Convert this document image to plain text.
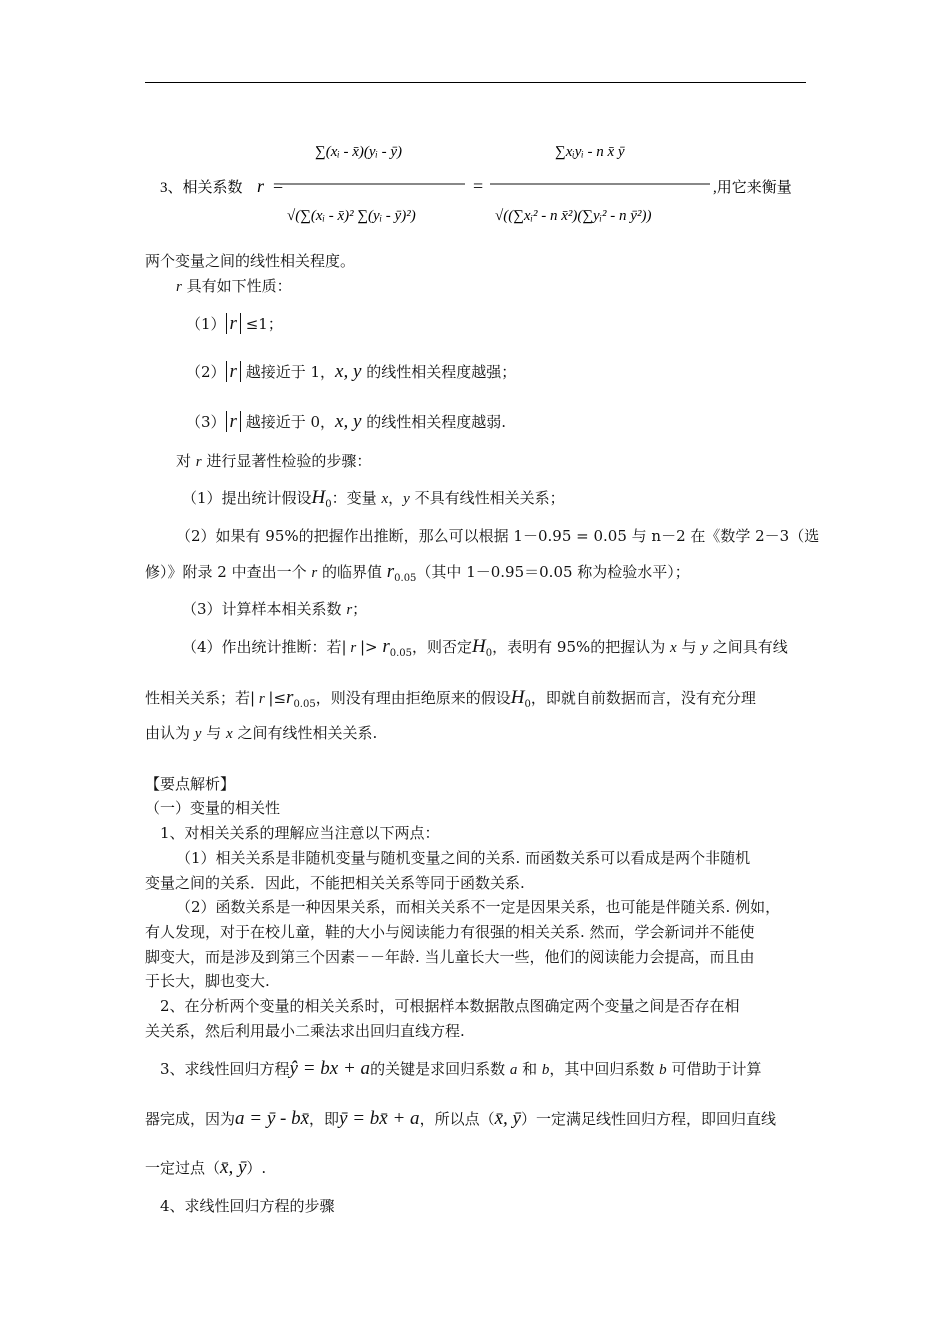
3、相关系数 r =
∑(xᵢ - x̄)(yᵢ - ȳ)
√(∑(xᵢ - x̄)² ∑(yᵢ - ȳ)²)
=
∑xᵢyᵢ - n x̄ ȳ
√((∑xᵢ² - n x̄²)(∑yᵢ² - n ȳ²))
,用它来衡量
两个变量之间的线性相关程度。
r 具有如下性质：
（1） r ≤1；
（2） r 越接近于 1，x, y 的线性相关程度越强；
（3） r 越接近于 0，x, y 的线性相关程度越弱.
对 r 进行显著性检验的步骤：
（1）提出统计假设$H_0$：变量 x，y 不具有线性相关关系；
（2）如果有 95%的把握作出推断，那么可以根据 1－0.95 = 0.05 与 n－2 在《数学 2－3（选
修）》附录 2 中查出一个 r 的临界值 $r_{0.05}$（其中 1－0.95＝0.05 称为检验水平）；
（3）计算样本相关系数 r；
（4）作出统计推断：若| r |> $r_{0.05}$，则否定$H_0$，表明有 95%的把握认为 x 与 y 之间具有线
性相关关系；若| r $|\le r_{0.05}$，则没有理由拒绝原来的假设$H_0$，即就自前数据而言，没有充分理
由认为 y 与 x 之间有线性相关关系.
【要点解析】
（一）变量的相关性
1、对相关关系的理解应当注意以下两点：
（1）相关关系是非随机变量与随机变量之间的关系. 而函数关系可以看成是两个非随机
变量之间的关系．因此，不能把相关关系等同于函数关系.
（2）函数关系是一种因果关系，而相关关系不一定是因果关系，也可能是伴随关系. 例如，
有人发现，对于在校儿童，鞋的大小与阅读能力有很强的相关关系. 然而，学会新词并不能使
脚变大，而是涉及到第三个因素－－年龄. 当儿童长大一些，他们的阅读能力会提高，而且由
于长大，脚也变大.
2、在分析两个变量的相关关系时，可根据样本数据散点图确定两个变量之间是否存在相
关关系，然后利用最小二乘法求出回归直线方程.
3、求线性回归方程ŷ = bx + a的关键是求回归系数 a 和 b，其中回归系数 b 可借助于计算
器完成，因为a = ȳ - bx̄，即ȳ = bx̄ + a，所以点（x̄, ȳ）一定满足线性回归方程，即回归直线
一定过点（x̄, ȳ）.
4、求线性回归方程的步骤
